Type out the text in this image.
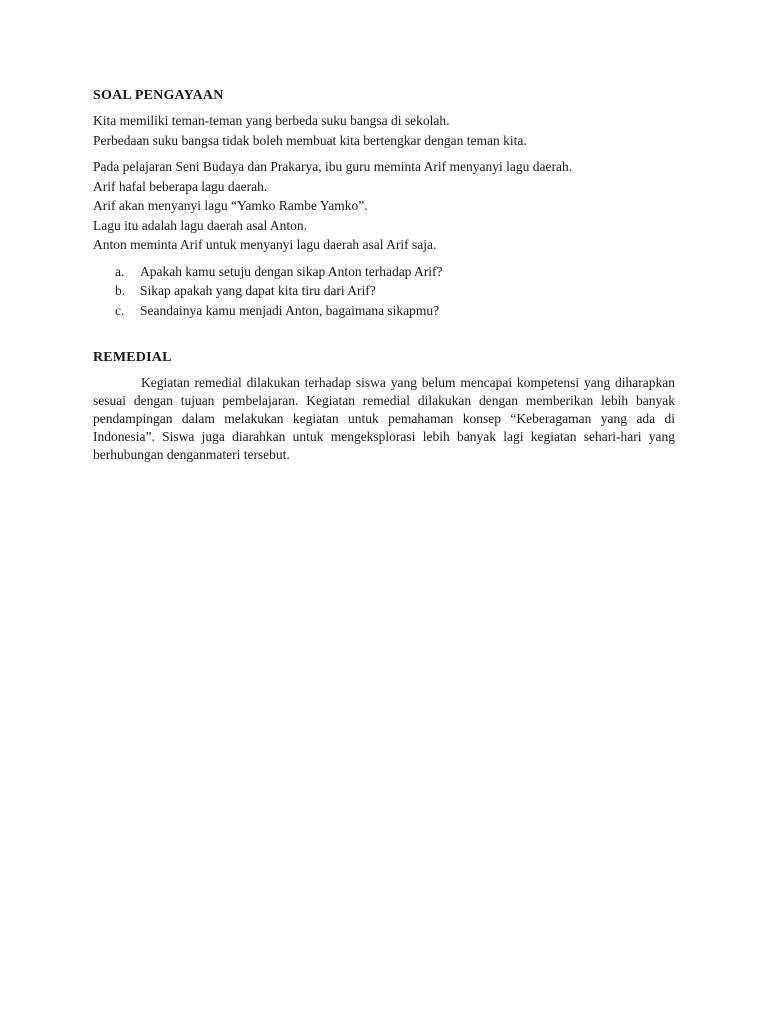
SOAL PENGAYAAN

Kita memiliki teman-teman yang berbeda suku bangsa di sekolah.

Perbedaan suku bangsa tidak boleh membuat kita bertengkar dengan teman kita.

Pada pelajaran Seni Budaya dan Prakarya, ibu guru meminta Arif menyanyi lagu daerah.

Arif hafal beberapa lagu daerah.

Arif akan menyanyi lagu “Yamko Rambe Yamko”.

Lagu itu adalah lagu daerah asal Anton.

Anton meminta Arif untuk menyanyi lagu daerah asal Arif saja.

a.	Apakah kamu setuju dengan sikap Anton terhadap Arif?
b.	Sikap apakah yang dapat kita tiru dari Arif?
c.	Seandainya kamu menjadi Anton, bagaimana sikapmu?
REMEDIAL

Kegiatan remedial dilakukan terhadap siswa yang belum mencapai kompetensi yang diharapkan sesuai dengan tujuan pembelajaran. Kegiatan remedial dilakukan dengan memberikan lebih banyak pendampingan dalam melakukan kegiatan untuk pemahaman konsep “Keberagaman yang ada di Indonesia”. Siswa juga diarahkan untuk mengeksplorasi lebih banyak lagi kegiatan sehari-hari yang berhubungan denganmateri tersebut.
